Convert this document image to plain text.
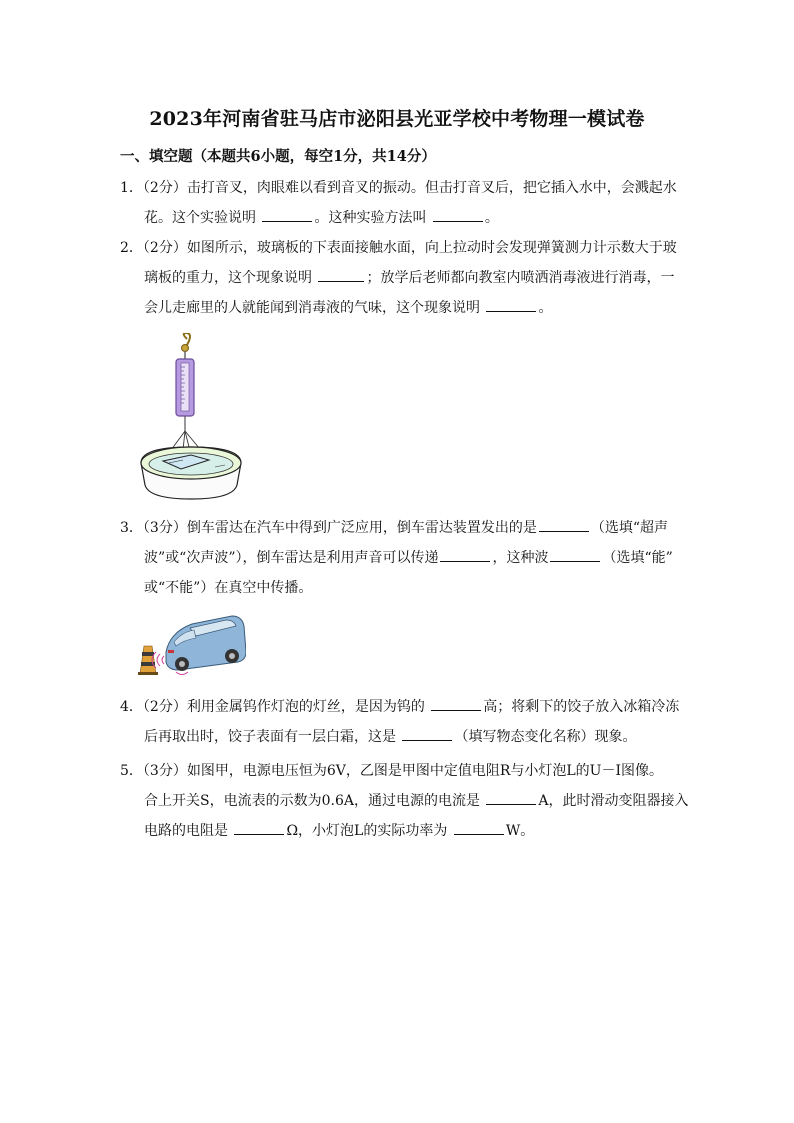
2023年河南省驻马店市泌阳县光亚学校中考物理一模试卷
一、填空题（本题共6小题，每空1分，共14分）
1．（2分）击打音叉，肉眼难以看到音叉的振动。但击打音叉后，把它插入水中，会溅起水
花。这个实验说明	。这种实验方法叫	。
2．（2分）如图所示，玻璃板的下表面接触水面，向上拉动时会发现弹簧测力计示数大于玻
璃板的重力，这个现象说明	；放学后老师都向教室内喷洒消毒液进行消毒，一
会儿走廊里的人就能闻到消毒液的气味，这个现象说明	。
3．（3分）倒车雷达在汽车中得到广泛应用，倒车雷达装置发出的是	（选填“超声
波”或“次声波”），倒车雷达是利用声音可以传递	，这种波	（选填“能”
或“不能”）在真空中传播。
4．（2分）利用金属钨作灯泡的灯丝，是因为钨的	高；将剩下的饺子放入冰箱冷冻
后再取出时，饺子表面有一层白霜，这是	（填写物态变化名称）现象。
5．（3分）如图甲，电源电压恒为6V，乙图是甲图中定值电阻R与小灯泡L的U－I图像。
合上开关S，电流表的示数为0.6A，通过电源的电流是	A，此时滑动变阻器接入
电路的电阻是	Ω，小灯泡L的实际功率为	W。
